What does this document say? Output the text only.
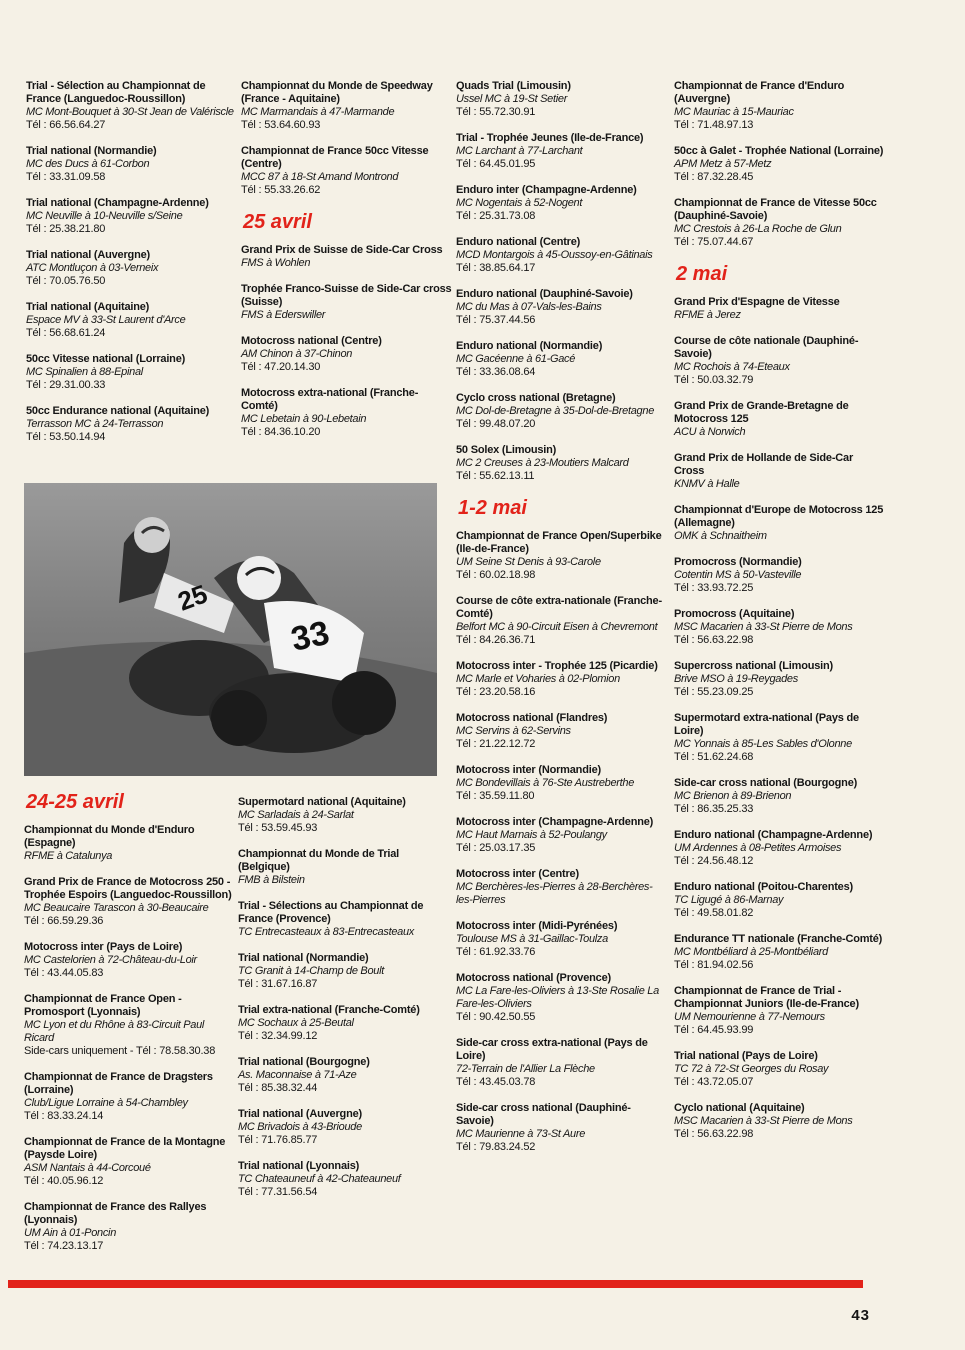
Trial - Sélection au Championnat de France (Languedoc-Roussillon)
MC Mont-Bouquet à 30-St Jean de Valériscle
Tél : 66.56.64.27
Trial national (Normandie)
MC des Ducs à 61-Corbon
Tél : 33.31.09.58
Trial national (Champagne-Ardenne)
MC Neuville à 10-Neuville s/Seine
Tél : 25.38.21.80
Trial national (Auvergne)
ATC Montluçon à 03-Verneix
Tél : 70.05.76.50
Trial national (Aquitaine)
Espace MV à 33-St Laurent d'Arce
Tél : 56.68.61.24
50cc Vitesse national (Lorraine)
MC Spinalien à 88-Epinal
Tél : 29.31.00.33
50cc Endurance national (Aquitaine)
Terrasson MC à 24-Terrasson
Tél : 53.50.14.94
Championnat du Monde de Speedway (France - Aquitaine)
MC Marmandais à 47-Marmande
Tél : 53.64.60.93
Championnat de France 50cc Vitesse (Centre)
MCC 87 à 18-St Amand Montrond
Tél : 55.33.26.62
25 avril
Grand Prix de Suisse de Side-Car Cross
FMS à Wohlen
Trophée Franco-Suisse de Side-Car cross (Suisse)
FMS à Ederswiller
Motocross national (Centre)
AM Chinon à 37-Chinon
Tél : 47.20.14.30
Motocross extra-national (Franche-Comté)
MC Lebetain à 90-Lebetain
Tél : 84.36.10.20
Quads Trial (Limousin)
Ussel MC à 19-St Setier
Tél : 55.72.30.91
Trial - Trophée Jeunes (Ile-de-France)
MC Larchant à 77-Larchant
Tél : 64.45.01.95
Enduro inter (Champagne-Ardenne)
MC Nogentais à 52-Nogent
Tél : 25.31.73.08
Enduro national (Centre)
MCD Montargois à 45-Oussoy-en-Gâtinais
Tél : 38.85.64.17
Enduro national (Dauphiné-Savoie)
MC du Mas à 07-Vals-les-Bains
Tél : 75.37.44.56
Enduro national (Normandie)
MC Gacéenne à 61-Gacé
Tél : 33.36.08.64
Cyclo cross national (Bretagne)
MC Dol-de-Bretagne à 35-Dol-de-Bretagne
Tél : 99.48.07.20
50 Solex (Limousin)
MC 2 Creuses à 23-Moutiers Malcard
Tél : 55.62.13.11
1-2 mai
Championnat de France Open/Superbike (Ile-de-France)
UM Seine St Denis à 93-Carole
Tél : 60.02.18.98
Course de côte extra-nationale (Franche-Comté)
Belfort MC à 90-Circuit Eisen à Chevremont
Tél : 84.26.36.71
Motocross inter - Trophée 125 (Picardie)
MC Marle et Voharies à 02-Plomion
Tél : 23.20.58.16
Motocross national (Flandres)
MC Servins à 62-Servins
Tél : 21.22.12.72
Motocross inter (Normandie)
MC Bondevillais à 76-Ste Austreberthe
Tél : 35.59.11.80
Motocross inter (Champagne-Ardenne)
MC Haut Marnais à 52-Poulangy
Tél : 25.03.17.35
Motocross inter (Centre)
MC Berchères-les-Pierres à 28-Berchères-les-Pierres
Motocross inter (Midi-Pyrénées)
Toulouse MS à 31-Gaillac-Toulza
Tél : 61.92.33.76
Motocross national (Provence)
MC La Fare-les-Oliviers à 13-Ste Rosalie La Fare-les-Oliviers
Tél : 90.42.50.55
Side-car cross extra-national (Pays de Loire)
72-Terrain de l'Allier La Flèche
Tél : 43.45.03.78
Side-car cross national (Dauphiné-Savoie)
MC Maurienne à 73-St Aure
Tél : 79.83.24.52
Championnat de France d'Enduro (Auvergne)
MC Mauriac à 15-Mauriac
Tél : 71.48.97.13
50cc à Galet - Trophée National (Lorraine)
APM Metz à 57-Metz
Tél : 87.32.28.45
Championnat de France de Vitesse 50cc (Dauphiné-Savoie)
MC Crestois à 26-La Roche de Glun
Tél : 75.07.44.67
2 mai
Grand Prix d'Espagne de Vitesse
RFME à Jerez
Course de côte nationale (Dauphiné-Savoie)
MC Rochois à 74-Eteaux
Tél : 50.03.32.79
Grand Prix de Grande-Bretagne de Motocross 125
ACU à Norwich
Grand Prix de Hollande de Side-Car Cross
KNMV à Halle
Championnat d'Europe de Motocross 125 (Allemagne)
OMK à Schnaitheim
Promocross (Normandie)
Cotentin MS à 50-Vasteville
Tél : 33.93.72.25
Promocross (Aquitaine)
MSC Macarien à 33-St Pierre de Mons
Tél : 56.63.22.98
Supercross national (Limousin)
Brive MSO à 19-Reygades
Tél : 55.23.09.25
Supermotard extra-national (Pays de Loire)
MC Yonnais à 85-Les Sables d'Olonne
Tél : 51.62.24.68
Side-car cross national (Bourgogne)
MC Brienon à 89-Brienon
Tél : 86.35.25.33
Enduro national (Champagne-Ardenne)
UM Ardennes à 08-Petites Armoises
Tél : 24.56.48.12
Enduro national (Poitou-Charentes)
TC Ligugé à 86-Marnay
Tél : 49.58.01.82
Endurance TT nationale (Franche-Comté)
MC Montbéliard à 25-Montbéliard
Tél : 81.94.02.56
Championnat de France de Trial - Championnat Juniors (Ile-de-France)
UM Nemourienne à 77-Nemours
Tél : 64.45.93.99
Trial national (Pays de Loire)
TC 72 à 72-St Georges du Rosay
Tél : 43.72.05.07
Cyclo national (Aquitaine)
MSC Macarien à 33-St Pierre de Mons
Tél : 56.63.22.98
24-25 avril
Championnat du Monde d'Enduro (Espagne)
RFME à Catalunya
Grand Prix de France de Motocross 250 - Trophée Espoirs (Languedoc-Roussillon)
MC Beaucaire Tarascon à 30-Beaucaire
Tél : 66.59.29.36
Motocross inter (Pays de Loire)
MC Castelorien à 72-Château-du-Loir
Tél : 43.44.05.83
Championnat de France Open - Promosport (Lyonnais)
MC Lyon et du Rhône à 83-Circuit Paul Ricard
Side-cars uniquement - Tél : 78.58.30.38
Championnat de France de Dragsters (Lorraine)
Club/Ligue Lorraine à 54-Chambley
Tél : 83.33.24.14
Championnat de France de la Montagne (Paysde Loire)
ASM Nantais à 44-Corcoué
Tél : 40.05.96.12
Championnat de France des Rallyes (Lyonnais)
UM Ain à 01-Poncin
Tél : 74.23.13.17
Supermotard national (Aquitaine)
MC Sarladais à 24-Sarlat
Tél : 53.59.45.93
Championnat du Monde de Trial (Belgique)
FMB à Bilstein
Trial - Sélections au Championnat de France (Provence)
TC Entrecasteaux à 83-Entrecasteaux
Trial national (Normandie)
TC Granit à 14-Champ de Boult
Tél : 31.67.16.87
Trial extra-national (Franche-Comté)
MC Sochaux à 25-Beutal
Tél : 32.34.99.12
Trial national (Bourgogne)
As. Maconnaise à 71-Aze
Tél : 85.38.32.44
Trial national (Auvergne)
MC Brivadois à 43-Brioude
Tél : 71.76.85.77
Trial national (Lyonnais)
TC Chateauneuf à 42-Chateauneuf
Tél : 77.31.56.54
25
33
43
